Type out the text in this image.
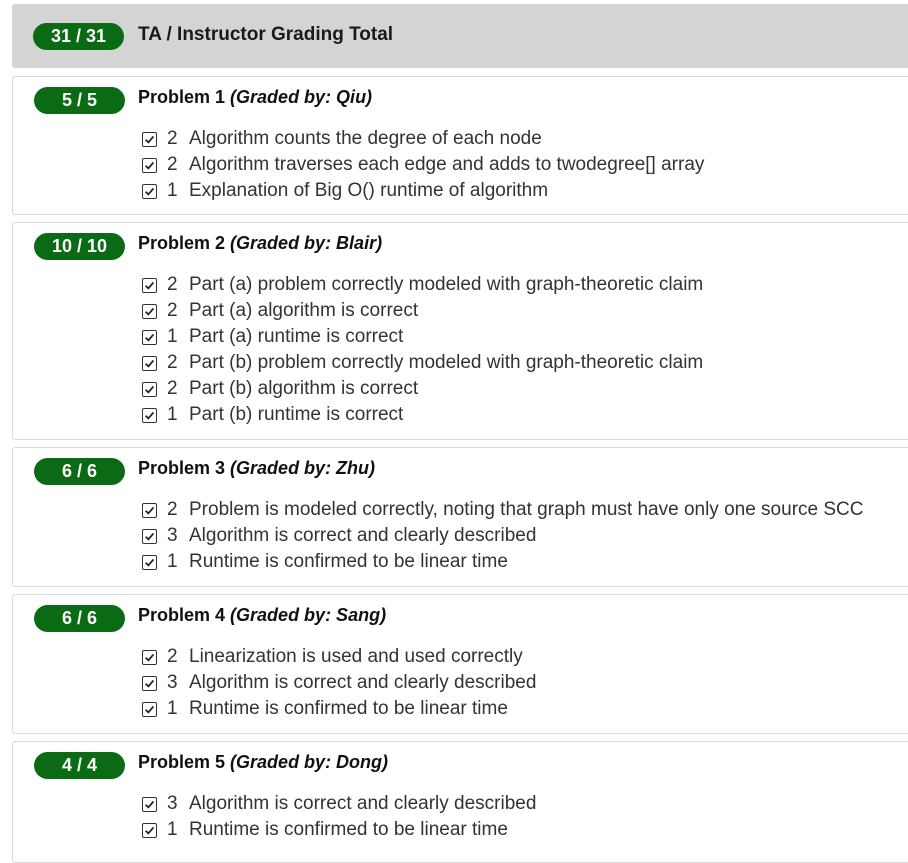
31 / 31	TA / Instructor Grading Total
5 / 5	Problem 1 (Graded by: Qiu)
2 Algorithm counts the degree of each node
2 Algorithm traverses each edge and adds to twodegree[] array
1 Explanation of Big O() runtime of algorithm
10 / 10	Problem 2 (Graded by: Blair)
2 Part (a) problem correctly modeled with graph-theoretic claim
2 Part (a) algorithm is correct
1 Part (a) runtime is correct
2 Part (b) problem correctly modeled with graph-theoretic claim
2 Part (b) algorithm is correct
1 Part (b) runtime is correct
6 / 6	Problem 3 (Graded by: Zhu)
2 Problem is modeled correctly, noting that graph must have only one source SCC
3 Algorithm is correct and clearly described
1 Runtime is confirmed to be linear time
6 / 6	Problem 4 (Graded by: Sang)
2 Linearization is used and used correctly
3 Algorithm is correct and clearly described
1 Runtime is confirmed to be linear time
4 / 4	Problem 5 (Graded by: Dong)
3 Algorithm is correct and clearly described
1 Runtime is confirmed to be linear time
